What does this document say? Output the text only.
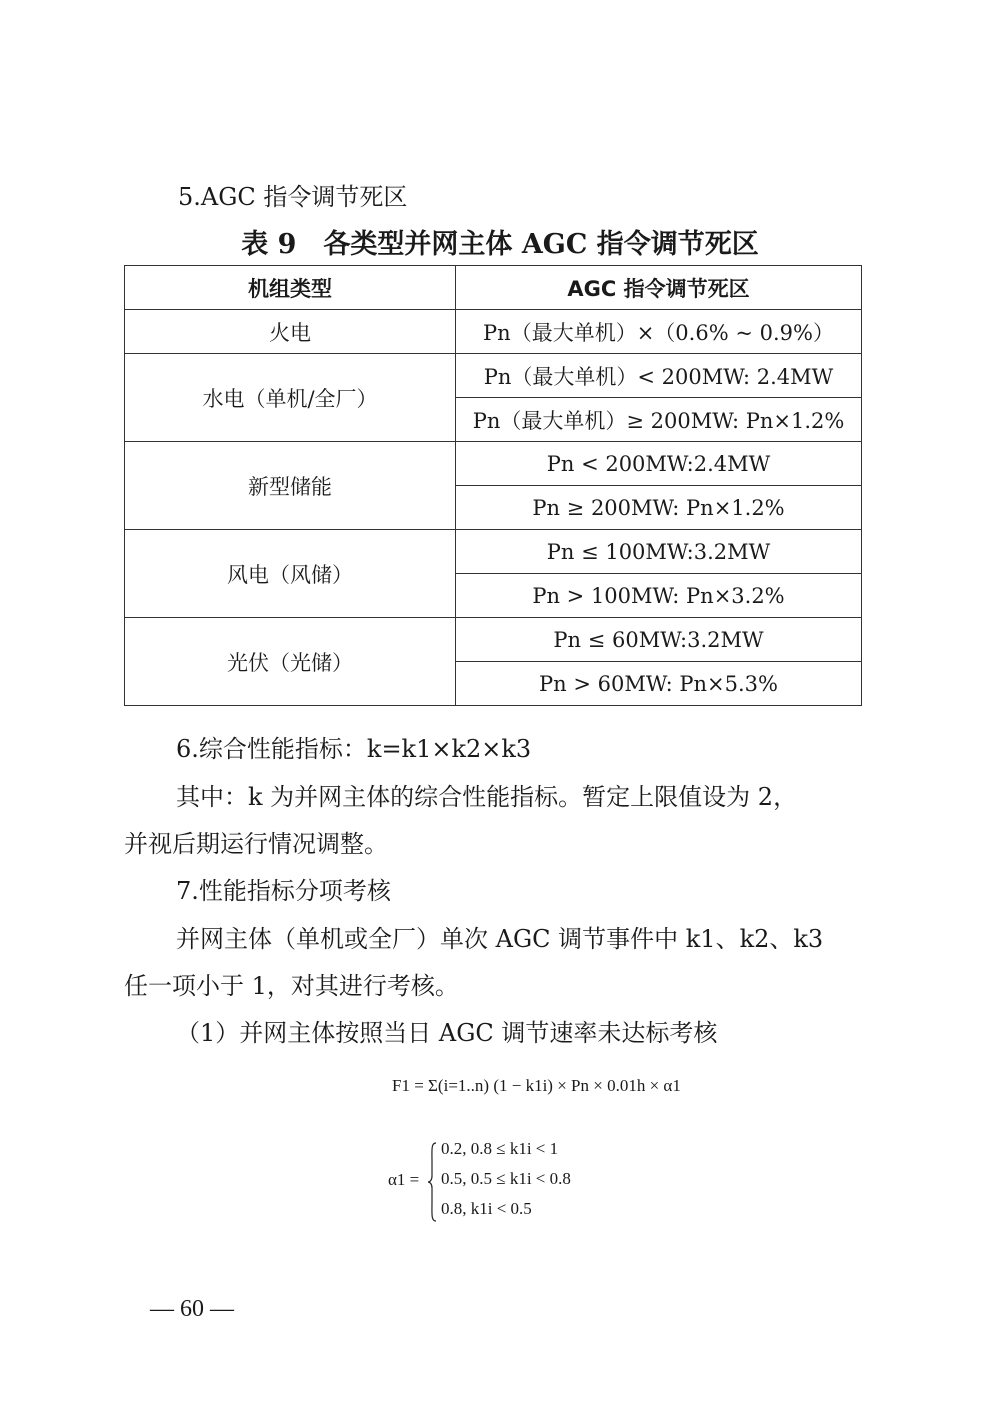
5.AGC 指令调节死区
表 9　各类型并网主体 AGC 指令调节死区
机组类型	AGC 指令调节死区
火电	Pn（最大单机）×（0.6% ~ 0.9%）
水电（单机/全厂）	Pn（最大单机）< 200MW: 2.4MW
	Pn（最大单机）≥ 200MW: Pn×1.2%
新型储能	Pn < 200MW:2.4MW
	Pn ≥ 200MW: Pn×1.2%
风电（风储）	Pn ≤ 100MW:3.2MW
	Pn > 100MW: Pn×3.2%
光伏（光储）	Pn ≤ 60MW:3.2MW
	Pn > 60MW: Pn×5.3%
6.综合性能指标：k=k1×k2×k3
其中：k 为并网主体的综合性能指标。暂定上限值设为 2，
并视后期运行情况调整。
7.性能指标分项考核
并网主体（单机或全厂）单次 AGC 调节事件中 k1、k2、k3
任一项小于 1，对其进行考核。
（1）并网主体按照当日 AGC 调节速率未达标考核
F1 = Σ(i=1..n) (1 − k1i) × Pn × 0.01h × α1
α1 =
0.2, 0.8 ≤ k1i < 1
0.5, 0.5 ≤ k1i < 0.8
0.8, k1i < 0.5
— 60 —
